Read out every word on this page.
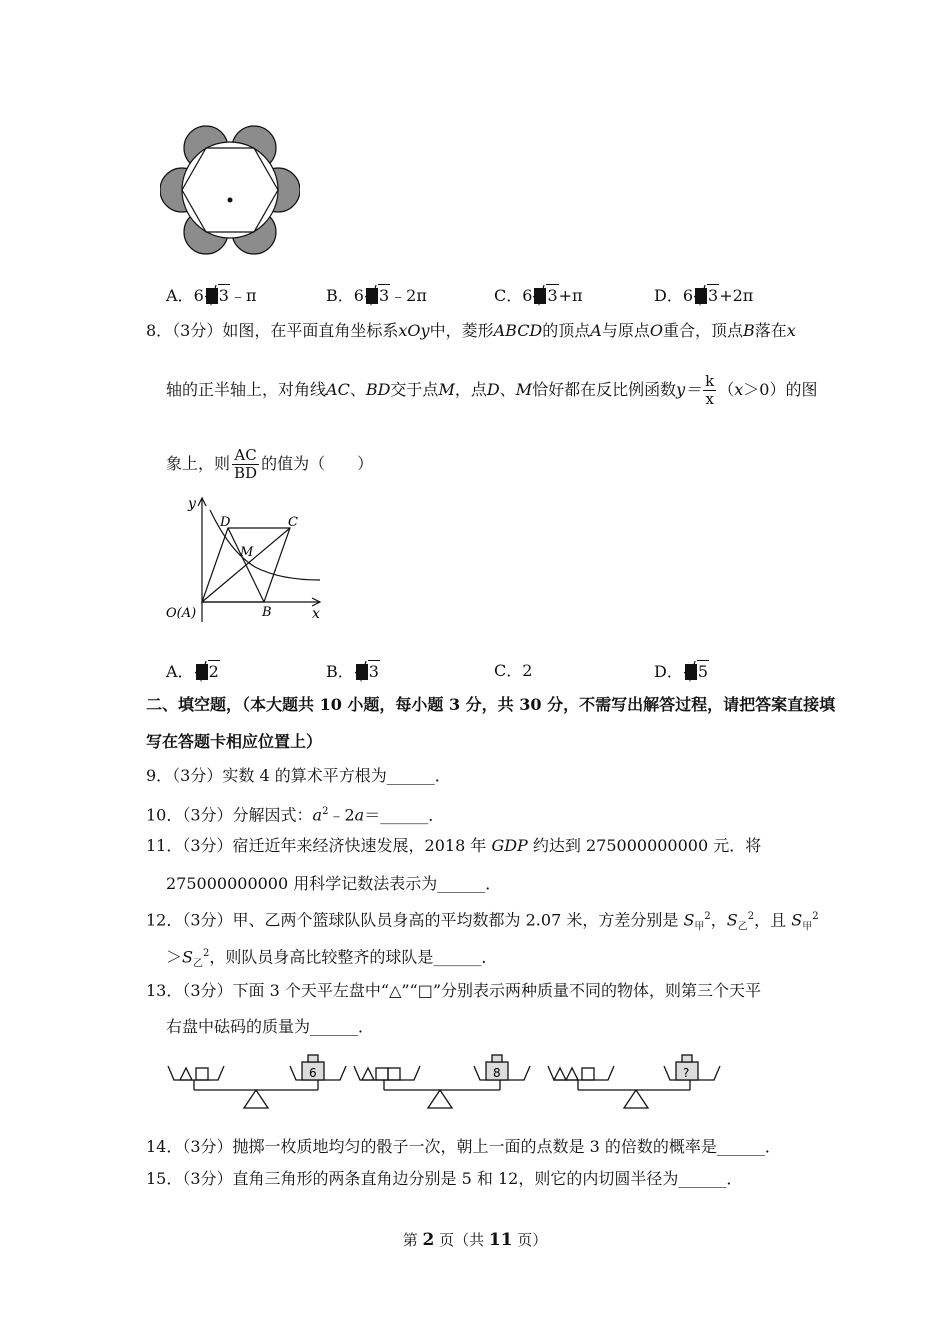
A．6 3﹣π	B．6 3﹣2π	C．6 3+π	D．6 3+2π
8．（3分）如图，在平面直角坐标系xOy中，菱形ABCD的顶点A与原点O重合，顶点B落在x
轴的正半轴上，对角线AC、BD交于点M，点D、M恰好都在反比例函数$y= \frac{k}{x} (x>0)$的图
象上，则 $\frac{AC}{BD}$ 的值为（　　）
y
x
O(A)	B
C
D
M
A． 2	B． 3	C．2	D． 5
二、填空题，（本大题共 10 小题，每小题 3 分，共 30 分，不需写出解答过程，请把答案直接填
写在答题卡相应位置上）
9．（3分）实数 4 的算术平方根为______．
10．（3分）分解因式：$a^2﹣2a=\_\_\_\_\_\_$．
11．（3分）宿迁近年来经济快速发展，2018 年 GDP 约达到 275000000000 元．将
275000000000 用科学记数法表示为______．
12．（3分）甲、乙两个篮球队队员身高的平均数都为 2.07 米，方差分别是 $S_甲^2$，$S_乙^2$，且 $S_甲^2$
$>S_乙^2$，则队员身高比较整齐的球队是______．
13．（3分）下面 3 个天平左盘中“△”“□”分别表示两种质量不同的物体，则第三个天平
右盘中砝码的质量为______．
6	8	?
14．（3分）抛掷一枚质地均匀的骰子一次，朝上一面的点数是 3 的倍数的概率是______．
15．（3分）直角三角形的两条直角边分别是 5 和 12，则它的内切圆半径为______．
第 2 页（共 11 页）
